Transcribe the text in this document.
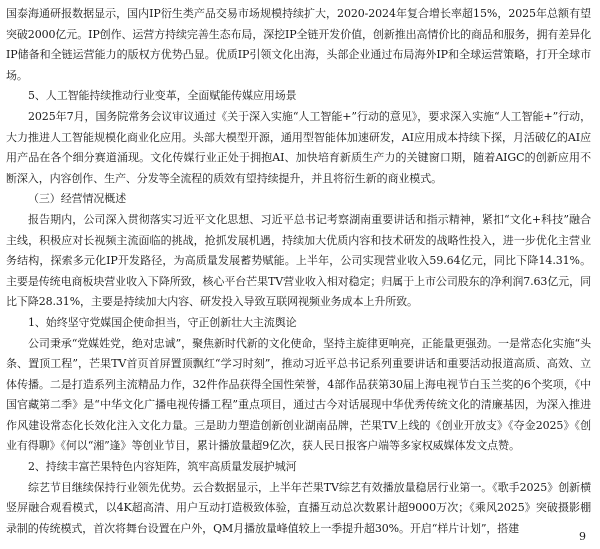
国泰海通研报数据显示，国内IP衍生类产品交易市场规模持续扩大，2020-2024年复合增长率超15%，2025年总额有望突破2000亿元。IP创作、运营方持续完善生态布局，深挖IP全链开发价值，创新推出高情价比的商品和服务，拥有差异化IP储备和全链运营能力的版权方优势凸显。优质IP引领文化出海，头部企业通过布局海外IP和全球运营策略，打开全球市场。

5、人工智能持续推动行业变革，全面赋能传媒应用场景

2025年7月，国务院常务会议审议通过《关于深入实施“人工智能+”行动的意见》，要求深入实施“人工智能+”行动，大力推进人工智能规模化商业化应用。头部大模型开源，通用型智能体加速研发，AI应用成本持续下探，月活破亿的AI应用产品在各个细分赛道涌现。文化传媒行业正处于拥抱AI、加快培育新质生产力的关键窗口期，随着AIGC的创新应用不断深入，内容创作、生产、分发等全流程的质效有望持续提升，并且将衍生新的商业模式。

（三）经营情况概述

报告期内，公司深入贯彻落实习近平文化思想、习近平总书记考察湖南重要讲话和指示精神，紧扣“文化+科技”融合主线，积极应对长视频主流面临的挑战，抢抓发展机遇，持续加大优质内容和技术研发的战略性投入，进一步优化主营业务结构，探索多元化IP开发路径，为高质量发展蓄势赋能。上半年，公司实现营业收入59.64亿元，同比下降14.31%。主要是传统电商板块营业收入下降所致，核心平台芒果TV营业收入相对稳定；归属于上市公司股东的净利润7.63亿元，同比下降28.31%，主要是持续加大内容、研发投入导致互联网视频业务成本上升所致。

1、始终坚守党媒国企使命担当，守正创新壮大主流舆论

公司秉承“党媒姓党，绝对忠诚”，聚焦新时代新的文化使命，坚持主旋律更响亮，正能量更强劲。一是常态化实施“头条、置顶工程”，芒果TV首页首屏置顶飘红“学习时刻”，推动习近平总书记系列重要讲话和重要活动报道高质、高效、立体传播。二是打造系列主流精品力作，32件作品获得全国性荣誉，4部作品获第30届上海电视节白玉兰奖的6个奖项，《中国官藏第二季》是“中华文化广播电视传播工程”重点项目，通过古今对话展现中华优秀传统文化的清廉基因，为深入推进作风建设常态化长效化注入文化力量。三是助力塑造创新创业湖南品牌，芒果TV上线的《创业开放支》《夺金2025》《创业有得聊》《何以“湘”逢》等创业节目，累计播放量超9亿次，获人民日报客户端等多家权威媒体发文点赞。

2、持续丰富芒果特色内容矩阵，筑牢高质量发展护城河

综艺节目继续保持行业领先优势。云合数据显示，上半年芒果TV综艺有效播放量稳居行业第一。《歌手2025》创新横竖屏融合观看模式，以4K超高清、用户互动打造极致体验，直播互动总次数累计超9000万次；《乘风2025》突破摄影棚录制的传统模式，首次将舞台设置在户外，QM月播放量峰值较上一季提升超30%。开启“样片计划”，搭建

9
